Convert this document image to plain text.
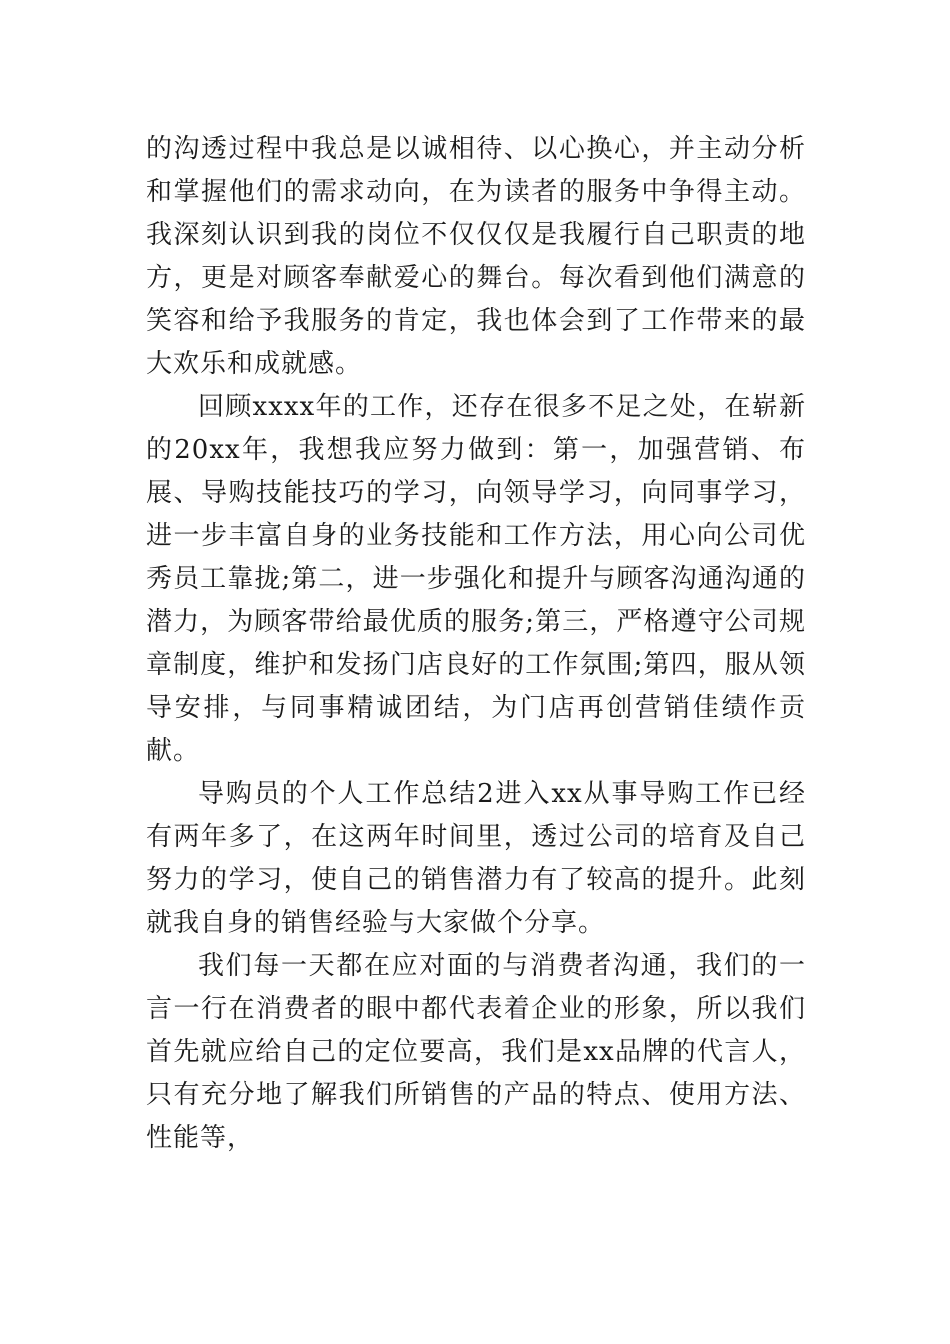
的沟透过程中我总是以诚相待、以心换心，并主动分析和掌握他们的需求动向，在为读者的服务中争得主动。我深刻认识到我的岗位不仅仅仅是我履行自己职责的地方，更是对顾客奉献爱心的舞台。每次看到他们满意的笑容和给予我服务的肯定，我也体会到了工作带来的最大欢乐和成就感。

回顾xxxx年的工作，还存在很多不足之处，在崭新的20xx年，我想我应努力做到：第一，加强营销、布展、导购技能技巧的学习，向领导学习，向同事学习，进一步丰富自身的业务技能和工作方法，用心向公司优秀员工靠拢;第二，进一步强化和提升与顾客沟通沟通的潜力，为顾客带给最优质的服务;第三，严格遵守公司规章制度，维护和发扬门店良好的工作氛围;第四，服从领导安排，与同事精诚团结，为门店再创营销佳绩作贡献。

导购员的个人工作总结2进入xx从事导购工作已经有两年多了，在这两年时间里，透过公司的培育及自己努力的学习，使自己的销售潜力有了较高的提升。此刻就我自身的销售经验与大家做个分享。

我们每一天都在应对面的与消费者沟通，我们的一言一行在消费者的眼中都代表着企业的形象，所以我们首先就应给自己的定位要高，我们是xx品牌的代言人，只有充分地了解我们所销售的产品的特点、使用方法、性能等，
